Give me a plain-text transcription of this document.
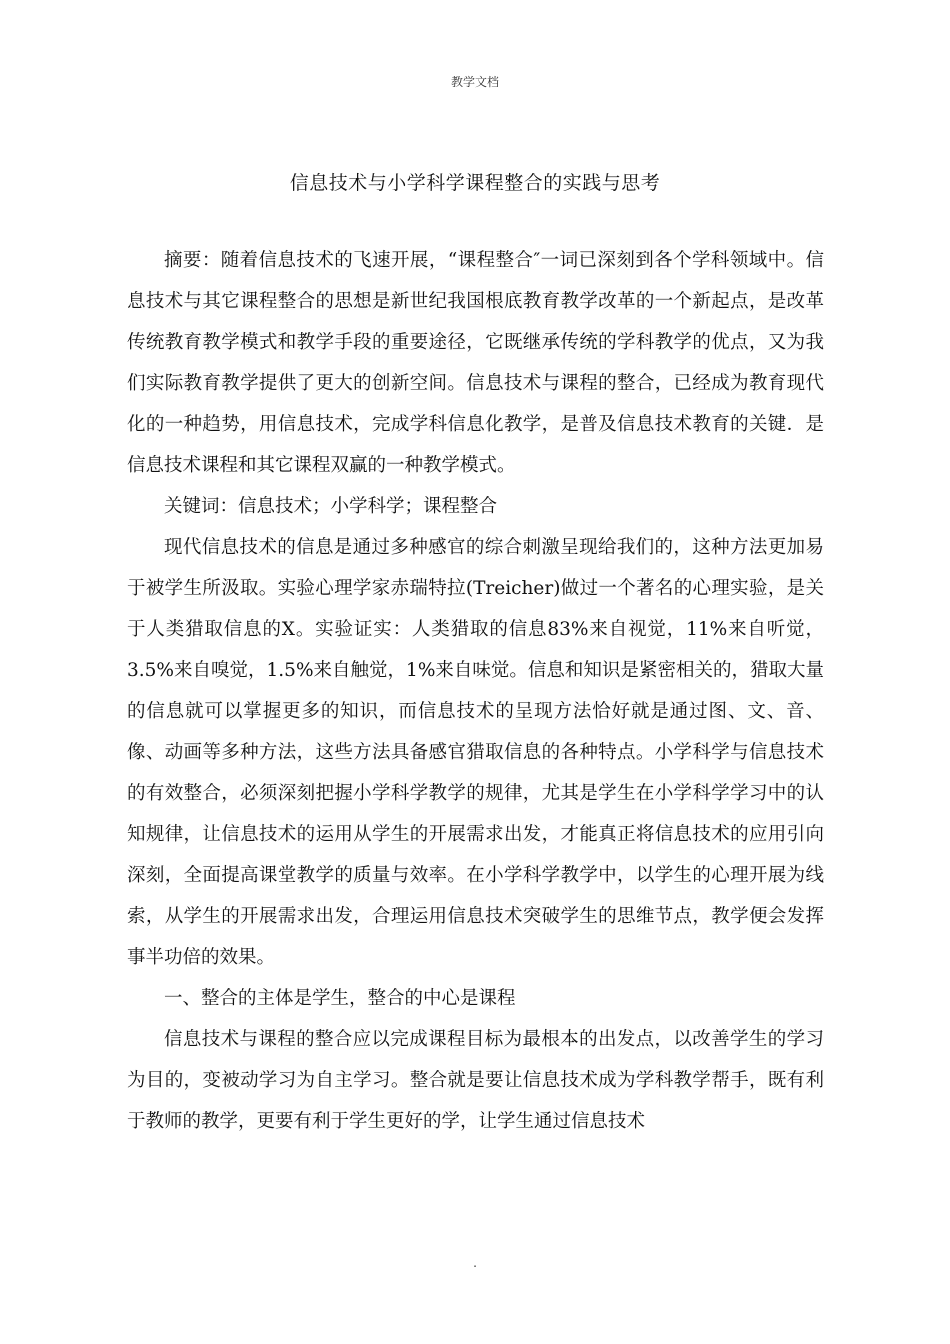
教学文档
信息技术与小学科学课程整合的实践与思考

摘要：随着信息技术的飞速开展，“课程整合″一词已深刻到各个学科领域中。信息技术与其它课程整合的思想是新世纪我国根底教育教学改革的一个新起点，是改革传统教育教学模式和教学手段的重要途径，它既继承传统的学科教学的优点，又为我们实际教育教学提供了更大的创新空间。信息技术与课程的整合，已经成为教育现代化的一种趋势，用信息技术，完成学科信息化教学，是普及信息技术教育的关键．是信息技术课程和其它课程双赢的一种教学模式。

关键词：信息技术；小学科学；课程整合

现代信息技术的信息是通过多种感官的综合刺激呈现给我们的，这种方法更加易于被学生所汲取。实验心理学家赤瑞特拉(Treicher)做过一个著名的心理实验，是关于人类猎取信息的X。实验证实：人类猎取的信息83%来自视觉，11%来自听觉，3.5%来自嗅觉，1.5%来自触觉，1%来自味觉。信息和知识是紧密相关的，猎取大量的信息就可以掌握更多的知识，而信息技术的呈现方法恰好就是通过图、文、音、像、动画等多种方法，这些方法具备感官猎取信息的各种特点。小学科学与信息技术的有效整合，必须深刻把握小学科学教学的规律，尤其是学生在小学科学学习中的认知规律，让信息技术的运用从学生的开展需求出发，才能真正将信息技术的应用引向深刻，全面提高课堂教学的质量与效率。在小学科学教学中，以学生的心理开展为线索，从学生的开展需求出发，合理运用信息技术突破学生的思维节点，教学便会发挥事半功倍的效果。

一、整合的主体是学生，整合的中心是课程

信息技术与课程的整合应以完成课程目标为最根本的出发点，以改善学生的学习为目的，变被动学习为自主学习。整合就是要让信息技术成为学科教学帮手，既有利于教师的教学，更要有利于学生更好的学，让学生通过信息技术

.
